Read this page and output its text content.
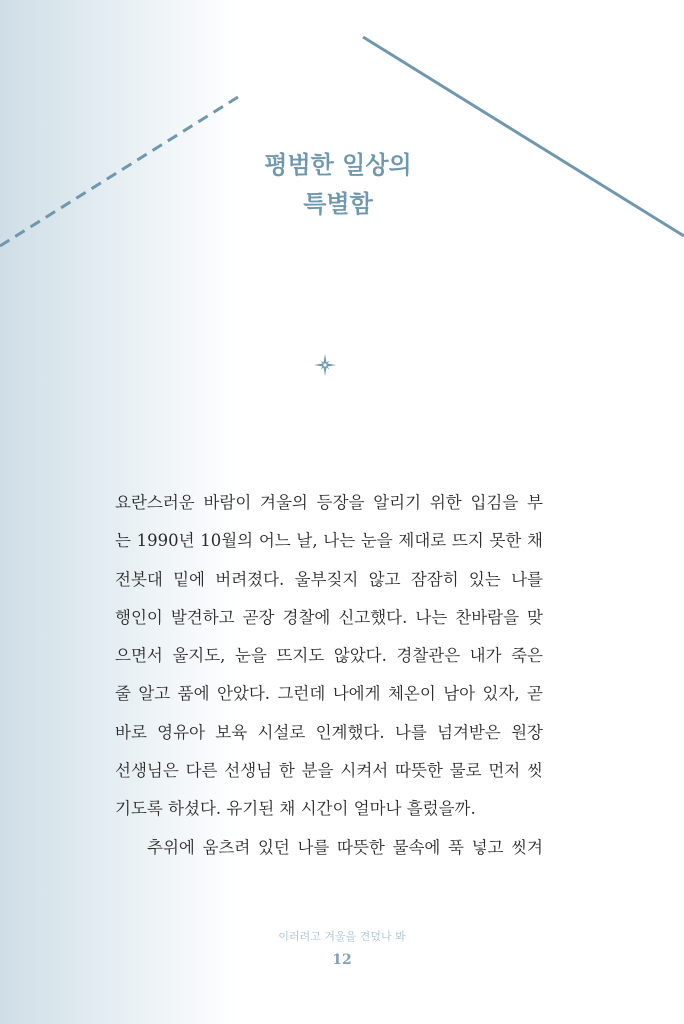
평범한 일상의
특별함
요란스러운 바람이 겨울의 등장을 알리기 위한 입김을 부
는 1990년 10월의 어느 날, 나는 눈을 제대로 뜨지 못한 채
전봇대 밑에 버려졌다. 울부짖지 않고 잠잠히 있는 나를
행인이 발견하고 곧장 경찰에 신고했다. 나는 찬바람을 맞
으면서 울지도, 눈을 뜨지도 않았다. 경찰관은 내가 죽은
줄 알고 품에 안았다. 그런데 나에게 체온이 남아 있자, 곧
바로 영유아 보육 시설로 인계했다. 나를 넘겨받은 원장
선생님은 다른 선생님 한 분을 시켜서 따뜻한 물로 먼저 씻
기도록 하셨다. 유기된 채 시간이 얼마나 흘렀을까.
추위에 움츠려 있던 나를 따뜻한 물속에 푹 넣고 씻겨
이러려고 겨울을 견뎠나 봐
12
